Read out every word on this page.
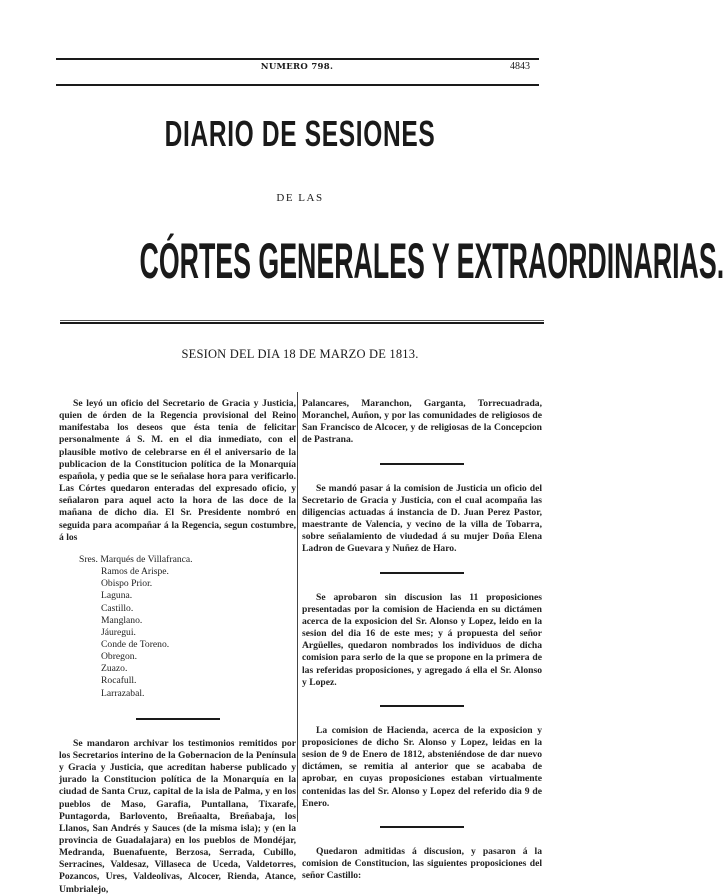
NUMERO 798.	4843
DIARIO DE SESIONES
DE LAS
CÓRTES GENERALES Y EXTRAORDINARIAS.
SESION DEL DIA 18 DE MARZO DE 1813.

Se leyó un oficio del Secretario de Gracia y Justicia, quien de órden de la Regencia provisional del Reino manifestaba los deseos que ésta tenia de felicitar personalmente á S. M. en el dia inmediato, con el plausible motivo de celebrarse en él el aniversario de la publicacion de la Constitucion política de la Monarquía española, y pedia que se le señalase hora para verificarlo. Las Córtes quedaron enteradas del expresado oficio, y señalaron para aquel acto la hora de las doce de la mañana de dicho dia. El Sr. Presidente nombró en seguida para acompañar á la Regencia, segun costumbre, á los

Sres. Marqués de Villafranca.
Ramos de Arispe.
Obispo Prior.
Laguna.
Castillo.
Manglano.
Jáuregui.
Conde de Toreno.
Obregon.
Zuazo.
Rocafull.
Larrazabal.

Se mandaron archivar los testimonios remitidos por los Secretarios interino de la Gobernacion de la Península y Gracia y Justicia, que acreditan haberse publicado y jurado la Constitucion política de la Monarquía en la ciudad de Santa Cruz, capital de la isla de Palma, y en los pueblos de Maso, Garafia, Puntallana, Tixarafe, Puntagorda, Barlovento, Breñaalta, Breñabaja, los Llanos, San Andrés y Sauces (de la misma isla); y (en la provincia de Guadalajara) en los pueblos de Mondéjar, Medranda, Buenafuente, Berzosa, Serrada, Cubillo, Serracines, Valdesaz, Villaseca de Uceda, Valdetorres, Pozancos, Ures, Valdeolivas, Alcocer, Rienda, Atance, Umbrialejo,

Palancares, Maranchon, Garganta, Torrecuadrada, Moranchel, Auñon, y por las comunidades de religiosos de San Francisco de Alcocer, y de religiosas de la Concepcion de Pastrana.

Se mandó pasar á la comision de Justicia un oficio del Secretario de Gracia y Justicia, con el cual acompaña las diligencias actuadas á instancia de D. Juan Perez Pastor, maestrante de Valencia, y vecino de la villa de Tobarra, sobre señalamiento de viudedad á su mujer Doña Elena Ladron de Guevara y Nuñez de Haro.

Se aprobaron sin discusion las 11 proposiciones presentadas por la comision de Hacienda en su dictámen acerca de la exposicion del Sr. Alonso y Lopez, leido en la sesion del dia 16 de este mes; y á propuesta del señor Argüelles, quedaron nombrados los individuos de dicha comision para serlo de la que se propone en la primera de las referidas proposiciones, y agregado á ella el Sr. Alonso y Lopez.

La comision de Hacienda, acerca de la exposicion y proposiciones de dicho Sr. Alonso y Lopez, leidas en la sesion de 9 de Enero de 1812, absteniéndose de dar nuevo dictámen, se remitia al anterior que se acababa de aprobar, en cuyas proposiciones estaban virtualmente contenidas las del Sr. Alonso y Lopez del referido dia 9 de Enero.

Quedaron admitidas á discusion, y pasaron á la comision de Constitucion, las siguientes proposiciones del señor Castillo:
